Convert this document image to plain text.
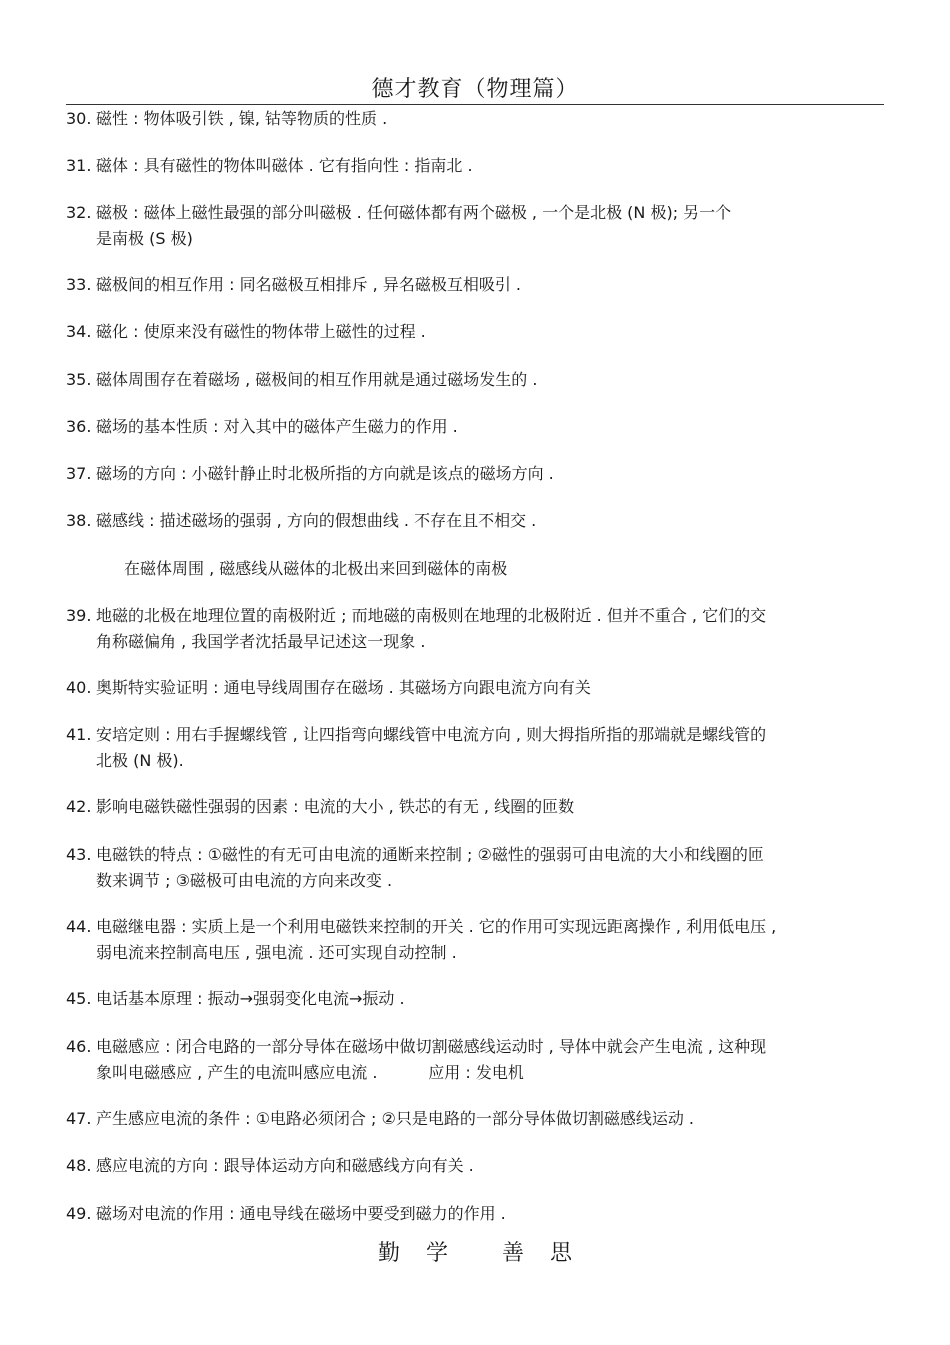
德才教育（物理篇）
30. 磁性 : 物体吸引铁 , 镍, 钴等物质的性质 .
31. 磁体 : 具有磁性的物体叫磁体 . 它有指向性 : 指南北 .
32. 磁极 : 磁体上磁性最强的部分叫磁极 . 任何磁体都有两个磁极 , 一个是北极 (N 极); 另一个
是南极 (S 极)
33. 磁极间的相互作用 : 同名磁极互相排斥 , 异名磁极互相吸引 .
34. 磁化 : 使原来没有磁性的物体带上磁性的过程 .
35. 磁体周围存在着磁场 , 磁极间的相互作用就是通过磁场发生的 .
36. 磁场的基本性质 : 对入其中的磁体产生磁力的作用 .
37. 磁场的方向 : 小磁针静止时北极所指的方向就是该点的磁场方向 .
38. 磁感线 : 描述磁场的强弱 , 方向的假想曲线 . 不存在且不相交 .
在磁体周围 , 磁感线从磁体的北极出来回到磁体的南极
39. 地磁的北极在地理位置的南极附近 ; 而地磁的南极则在地理的北极附近 . 但并不重合 , 它们的交
角称磁偏角 , 我国学者沈括最早记述这一现象 .
40. 奥斯特实验证明 : 通电导线周围存在磁场 . 其磁场方向跟电流方向有关
41. 安培定则 : 用右手握螺线管 , 让四指弯向螺线管中电流方向 , 则大拇指所指的那端就是螺线管的
北极 (N 极).
42. 影响电磁铁磁性强弱的因素 : 电流的大小 , 铁芯的有无 , 线圈的匝数
43. 电磁铁的特点 : ①磁性的有无可由电流的通断来控制 ; ②磁性的强弱可由电流的大小和线圈的匝
数来调节 ; ③磁极可由电流的方向来改变 .
44. 电磁继电器 : 实质上是一个利用电磁铁来控制的开关 . 它的作用可实现远距离操作 , 利用低电压 ,
弱电流来控制高电压 , 强电流 . 还可实现自动控制 .
45. 电话基本原理 : 振动→强弱变化电流→振动 .
46. 电磁感应 : 闭合电路的一部分导体在磁场中做切割磁感线运动时 , 导体中就会产生电流 , 这种现
象叫电磁感应 , 产生的电流叫感应电流 .          应用 : 发电机
47. 产生感应电流的条件 : ①电路必须闭合 ; ②只是电路的一部分导体做切割磁感线运动 .
48. 感应电流的方向 : 跟导体运动方向和磁感线方向有关 .
49. 磁场对电流的作用 : 通电导线在磁场中要受到磁力的作用 .
勤 学 善 思
